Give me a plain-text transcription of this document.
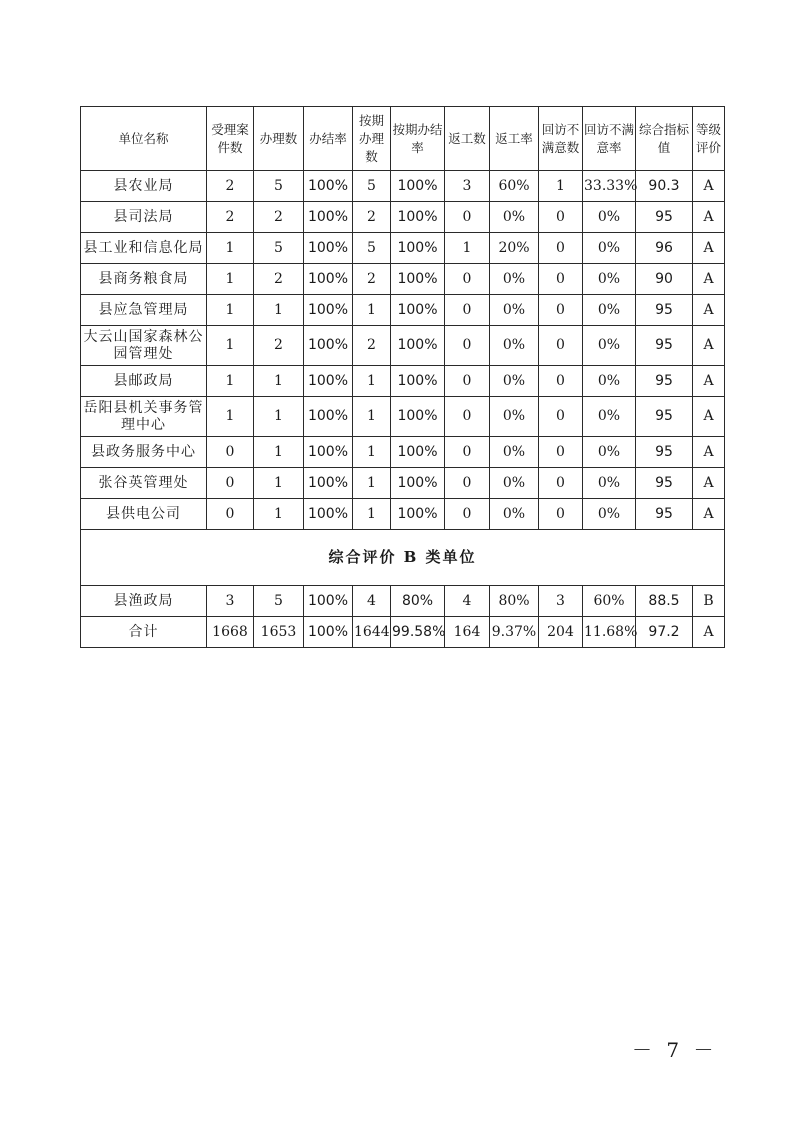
单位名称	受理案件数	办理数	办结率	按期办理数	按期办结率	返工数	返工率	回访不满意数	回访不满意率	综合指标值	等级评价
县农业局	2	5	100%	5	100%	3	60%	1	33.33%	90.3	A
县司法局	2	2	100%	2	100%	0	0%	0	0%	95	A
县工业和信息化局	1	5	100%	5	100%	1	20%	0	0%	96	A
县商务粮食局	1	2	100%	2	100%	0	0%	0	0%	90	A
县应急管理局	1	1	100%	1	100%	0	0%	0	0%	95	A
大云山国家森林公园管理处	1	2	100%	2	100%	0	0%	0	0%	95	A
县邮政局	1	1	100%	1	100%	0	0%	0	0%	95	A
岳阳县机关事务管理中心	1	1	100%	1	100%	0	0%	0	0%	95	A
县政务服务中心	0	1	100%	1	100%	0	0%	0	0%	95	A
张谷英管理处	0	1	100%	1	100%	0	0%	0	0%	95	A
县供电公司	0	1	100%	1	100%	0	0%	0	0%	95	A
综合评价 B 类单位											
县渔政局	3	5	100%	4	80%	4	80%	3	60%	88.5	B
合计	1668	1653	100%	1644	99.58%	164	9.37%	204	11.68%	97.2	A
－ 7 －
